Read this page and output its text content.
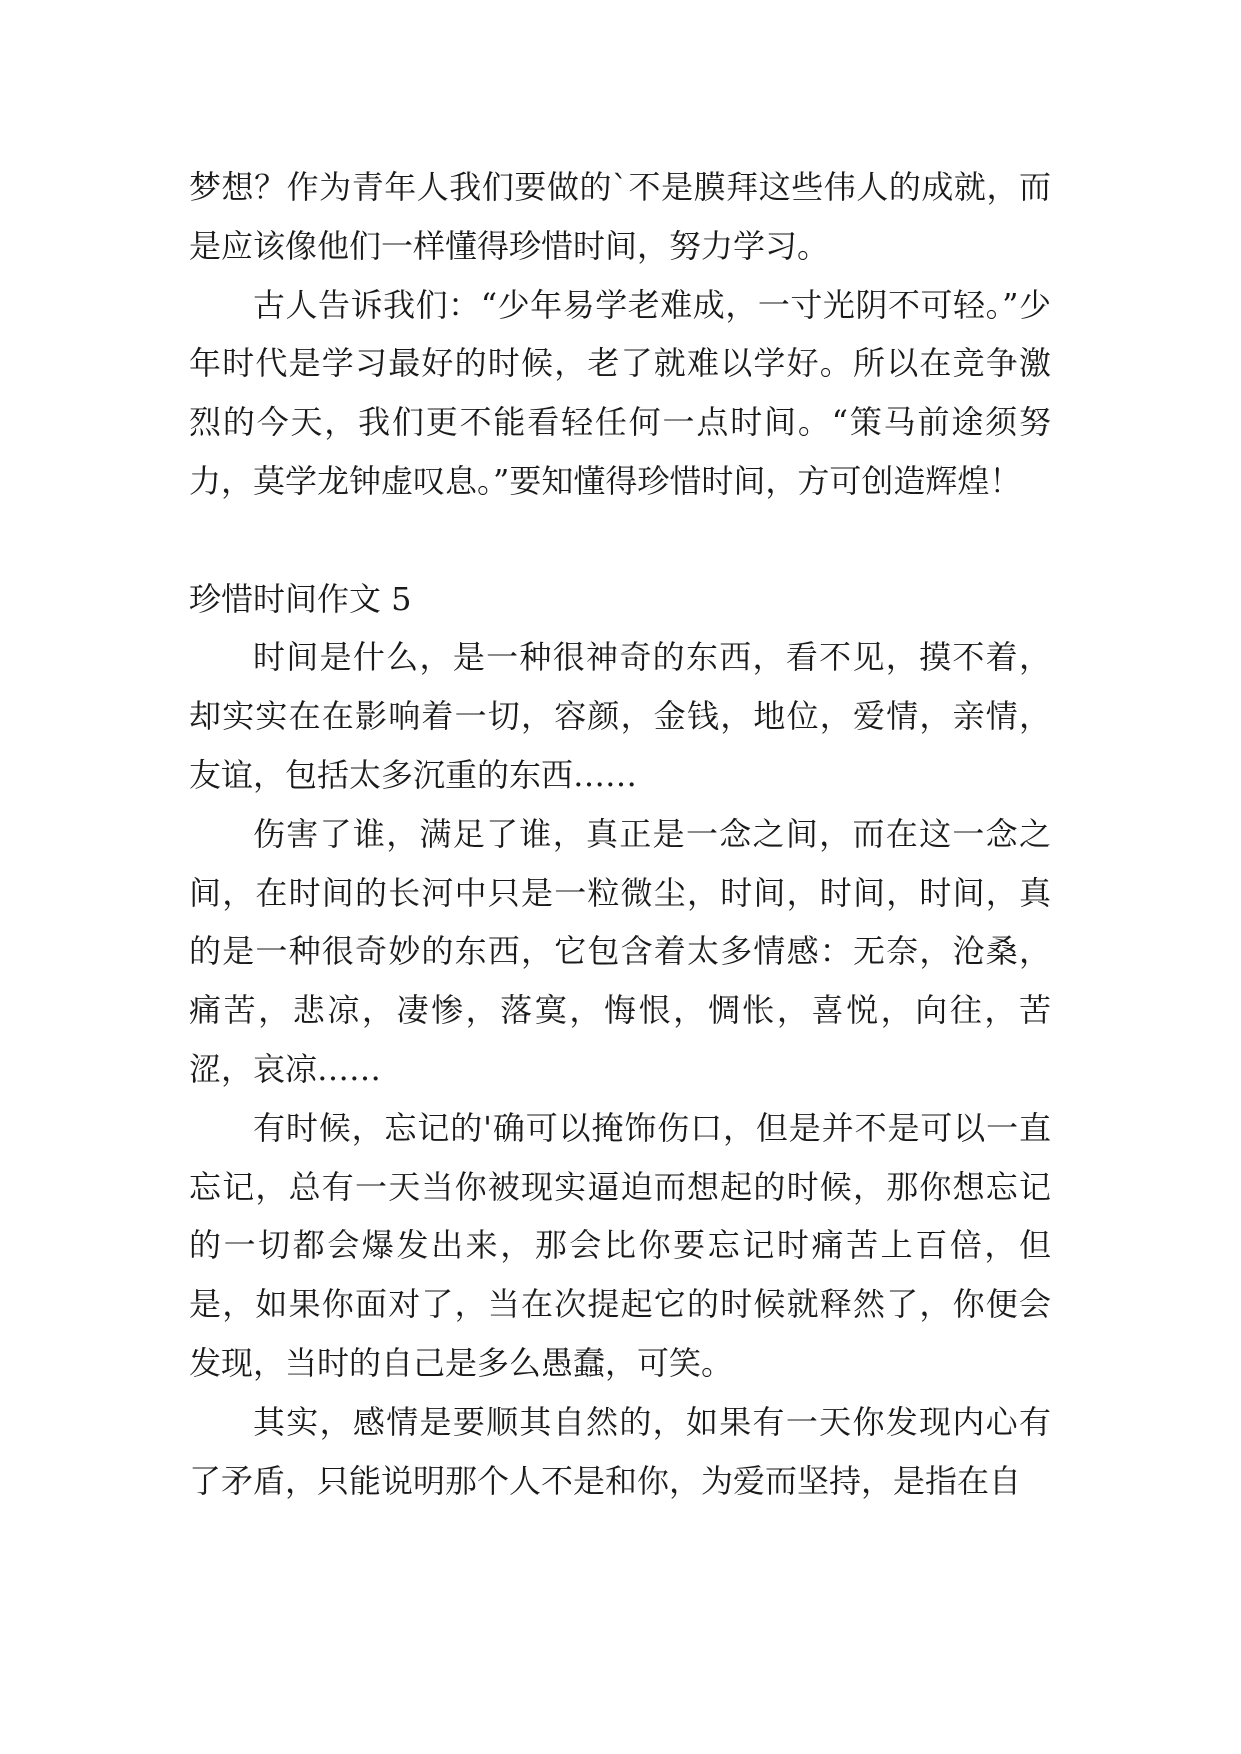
梦想？作为青年人我们要做的`不是膜拜这些伟人的成就，而是应该像他们一样懂得珍惜时间，努力学习。

古人告诉我们：“少年易学老难成，一寸光阴不可轻。”少年时代是学习最好的时候，老了就难以学好。所以在竞争激烈的今天，我们更不能看轻任何一点时间。“策马前途须努力，莫学龙钟虚叹息。”要知懂得珍惜时间，方可创造辉煌！

珍惜时间作文 5

时间是什么，是一种很神奇的东西，看不见，摸不着，却实实在在影响着一切，容颜，金钱，地位，爱情，亲情，友谊，包括太多沉重的东西……

伤害了谁，满足了谁，真正是一念之间，而在这一念之间，在时间的长河中只是一粒微尘，时间，时间，时间，真的是一种很奇妙的东西，它包含着太多情感：无奈，沧桑，痛苦，悲凉，凄惨，落寞，悔恨，惆怅，喜悦，向往，苦涩，哀凉……

有时候，忘记的'确可以掩饰伤口，但是并不是可以一直忘记，总有一天当你被现实逼迫而想起的时候，那你想忘记的一切都会爆发出来，那会比你要忘记时痛苦上百倍，但是，如果你面对了，当在次提起它的时候就释然了，你便会发现，当时的自己是多么愚蠢，可笑。

其实，感情是要顺其自然的，如果有一天你发现内心有了矛盾，只能说明那个人不是和你，为爱而坚持，是指在自
